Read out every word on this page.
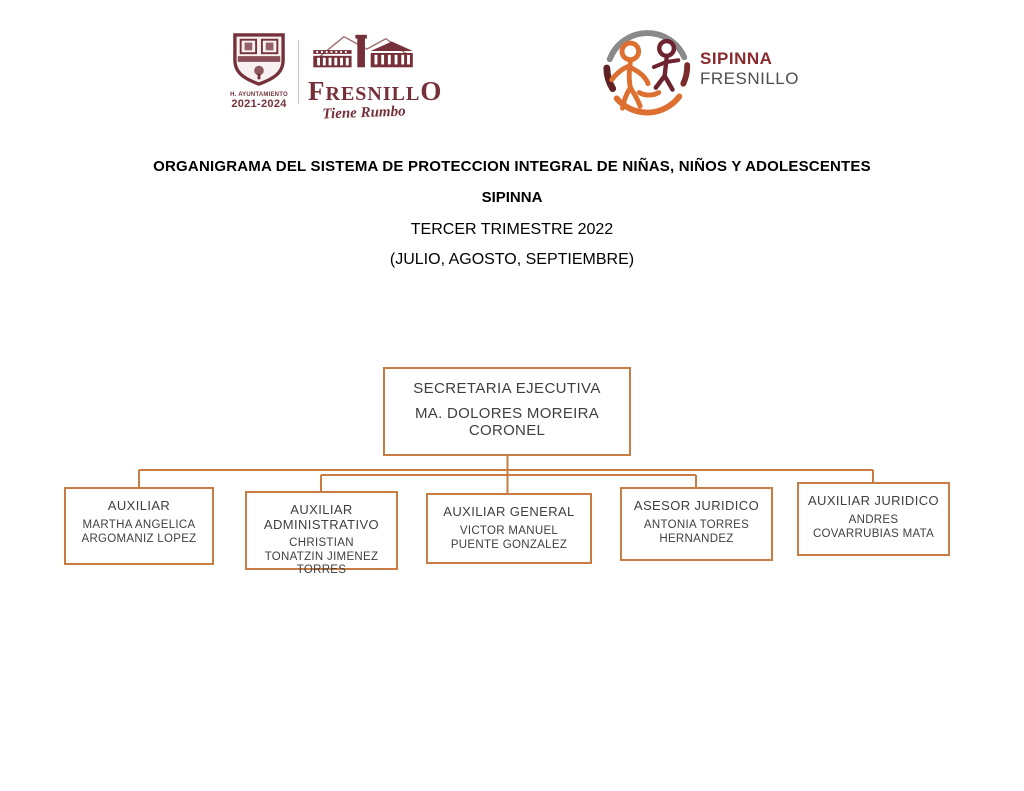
H. AYUNTAMIENTO
2021-2024 FRESNILLO
Tiene Rumbo
SIPINNA
FRESNILLO
ORGANIGRAMA DEL SISTEMA DE PROTECCION INTEGRAL DE NIÑAS, NIÑOS Y ADOLESCENTES
SIPINNA
TERCER TRIMESTRE 2022
(JULIO, AGOSTO, SEPTIEMBRE)
SECRETARIA EJECUTIVA
MA. DOLORES MOREIRA CORONEL
AUXILIAR
MARTHA ANGELICA ARGOMANIZ LOPEZ
AUXILIAR ADMINISTRATIVO
CHRISTIAN TONATZIN JIMENEZ TORRES
AUXILIAR GENERAL
VICTOR MANUEL PUENTE GONZALEZ
ASESOR JURIDICO
ANTONIA TORRES HERNANDEZ
AUXILIAR JURIDICO
ANDRES COVARRUBIAS MATA
